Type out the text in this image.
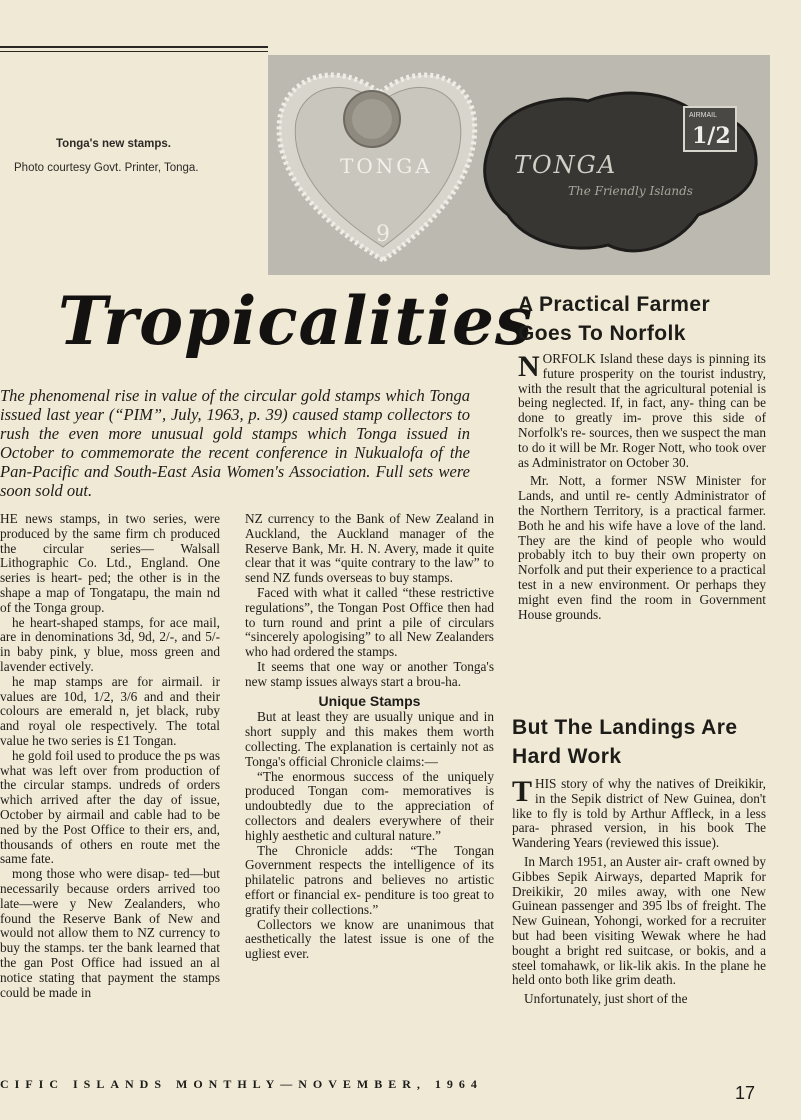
Tonga's new stamps.
Photo courtesy Govt. Printer, Tonga.	TONGA
9
AIRMAIL
1/2
TONGA
The Friendly Islands
Tropicalities
The phenomenal rise in value of the circular gold stamps which Tonga issued last year (“PIM”, July, 1963, p. 39) caused stamp collectors to rush the even more unusual gold stamps which Tonga issued in October to commemorate the recent conference in Nukualofa of the Pan-Pacific and South-East Asia Women's Association. Full sets were soon sold out.

HE news stamps, in two series, were produced by the same firm ch produced the circular series— Walsall Lithographic Co. Ltd., England. One series is heart- ped; the other is in the shape a map of Tongatapu, the main nd of the Tonga group.

he heart-shaped stamps, for ace mail, are in denominations 3d, 9d, 2/-, and 5/- in baby pink, y blue, moss green and lavender ectively.

he map stamps are for airmail. ir values are 10d, 1/2, 3/6 and and their colours are emerald n, jet black, ruby and royal ole respectively. The total value he two series is £1 Tongan.

he gold foil used to produce the ps was what was left over from production of the circular stamps. undreds of orders which arrived after the day of issue, October by airmail and cable had to be ned by the Post Office to their ers, and, thousands of others en route met the same fate.

mong those who were disap- ted—but necessarily because orders arrived too late—were y New Zealanders, who found the Reserve Bank of New and would not allow them to NZ currency to buy the stamps. ter the bank learned that the gan Post Office had issued an al notice stating that payment the stamps could be made in

NZ currency to the Bank of New Zealand in Auckland, the Auckland manager of the Reserve Bank, Mr. H. N. Avery, made it quite clear that it was “quite contrary to the law” to send NZ funds overseas to buy stamps.

Faced with what it called “these restrictive regulations”, the Tongan Post Office then had to turn round and print a pile of circulars “sincerely apologising” to all New Zealanders who had ordered the stamps.

It seems that one way or another Tonga's new stamp issues always start a brou-ha.

Unique Stamps

But at least they are usually unique and in short supply and this makes them worth collecting. The explanation is certainly not as Tonga's official Chronicle claims:—

“The enormous success of the uniquely produced Tongan com- memoratives is undoubtedly due to the appreciation of collectors and dealers everywhere of their highly aesthetic and cultural nature.”

The Chronicle adds: “The Tongan Government respects the intelligence of its philatelic patrons and believes no artistic effort or financial ex- penditure is too great to gratify their collections.”

Collectors we know are unanimous that aesthetically the latest issue is one of the ugliest ever.

A Practical Farmer Goes To Norfolk

NORFOLK Island these days is pinning its future prosperity on the tourist industry, with the result that the agricultural potenial is being neglected. If, in fact, any- thing can be done to greatly im- prove this side of Norfolk's re- sources, then we suspect the man to do it will be Mr. Roger Nott, who took over as Administrator on October 30.

Mr. Nott, a former NSW Minister for Lands, and until re- cently Administrator of the Northern Territory, is a practical farmer. Both he and his wife have a love of the land. They are the kind of people who would probably itch to buy their own property on Norfolk and put their experience to a practical test in a new environment. Or perhaps they might even find the room in Government House grounds.

But The Landings Are Hard Work

THIS story of why the natives of Dreikikir, in the Sepik district of New Guinea, don't like to fly is told by Arthur Affleck, in a less para- phrased version, in his book The Wandering Years (reviewed this issue).

In March 1951, an Auster air- craft owned by Gibbes Sepik Airways, departed Maprik for Dreikikir, 20 miles away, with one New Guinean passenger and 395 lbs of freight. The New Guinean, Yohongi, worked for a recruiter but had been visiting Wewak where he had bought a bright red suitcase, or bokis, and a steel tomahawk, or lik-lik akis. In the plane he held onto both like grim death.

Unfortunately, just short of the

CIFIC ISLANDS MONTHLY—NOVEMBER, 1964	17
